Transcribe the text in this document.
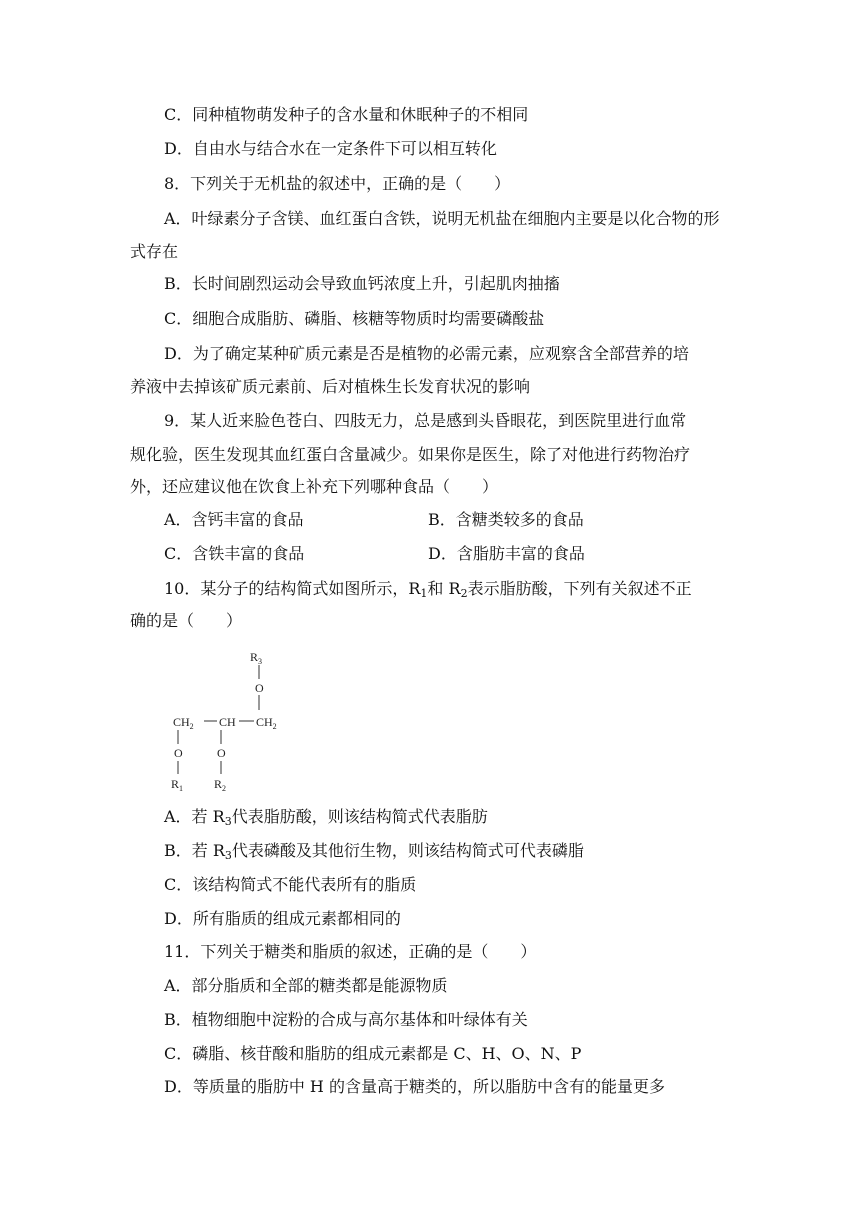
C．同种植物萌发种子的含水量和休眠种子的不相同
D．自由水与结合水在一定条件下可以相互转化
8．下列关于无机盐的叙述中，正确的是（　　）
A．叶绿素分子含镁、血红蛋白含铁，说明无机盐在细胞内主要是以化合物的形
式存在
B．长时间剧烈运动会导致血钙浓度上升，引起肌肉抽搐
C．细胞合成脂肪、磷脂、核糖等物质时均需要磷酸盐
D．为了确定某种矿质元素是否是植物的必需元素，应观察含全部营养的培
养液中去掉该矿质元素前、后对植株生长发育状况的影响
9．某人近来脸色苍白、四肢无力，总是感到头昏眼花，到医院里进行血常
规化验，医生发现其血红蛋白含量减少。如果你是医生，除了对他进行药物治疗
外，还应建议他在饮食上补充下列哪种食品（　　）
A．含钙丰富的食品	B．含糖类较多的食品
C．含铁丰富的食品	D．含脂肪丰富的食品
10．某分子的结构简式如图所示，$R_1$和 $R_2$表示脂肪酸，下列有关叙述不正
确的是（　　）
$R_3$
O
$CH_2$ CH $CH_2$
O
$R_1$
O
$R_2$
A．若 $R_3$代表脂肪酸，则该结构简式代表脂肪
B．若 $R_3$代表磷酸及其他衍生物，则该结构简式可代表磷脂
C．该结构简式不能代表所有的脂质
D．所有脂质的组成元素都相同的
11．下列关于糖类和脂质的叙述，正确的是（　　）
A．部分脂质和全部的糖类都是能源物质
B．植物细胞中淀粉的合成与高尔基体和叶绿体有关
C．磷脂、核苷酸和脂肪的组成元素都是 C、H、O、N、P
D．等质量的脂肪中 H 的含量高于糖类的，所以脂肪中含有的能量更多
